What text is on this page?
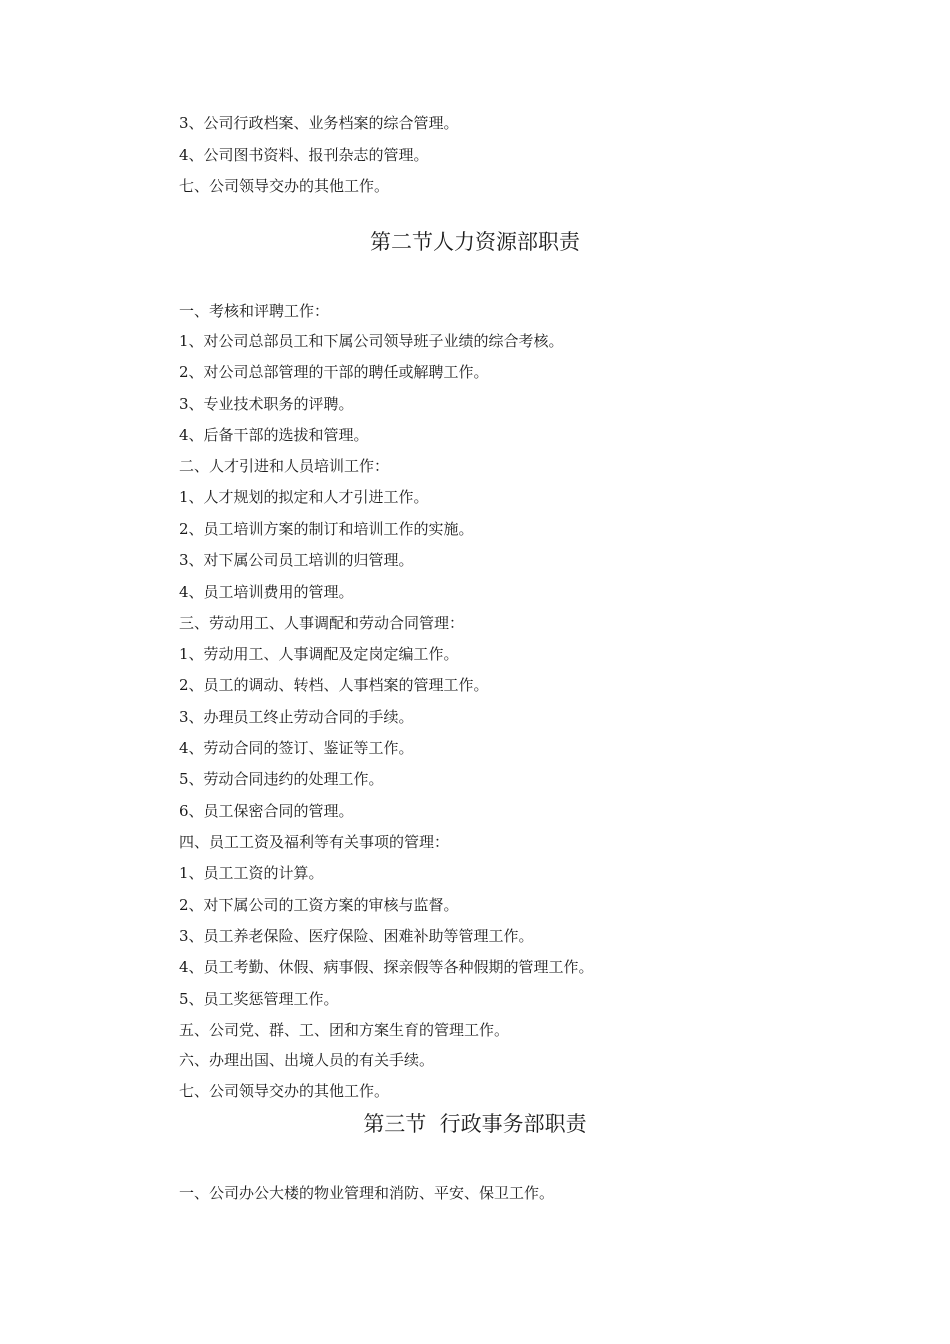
3、公司行政档案、业务档案的综合管理。
4、公司图书资料、报刊杂志的管理。
七、公司领导交办的其他工作。
第二节人力资源部职责
一、考核和评聘工作：
1、对公司总部员工和下属公司领导班子业绩的综合考核。
2、对公司总部管理的干部的聘任或解聘工作。
3、专业技术职务的评聘。
4、后备干部的选拔和管理。
二、人才引进和人员培训工作：
1、人才规划的拟定和人才引进工作。
2、员工培训方案的制订和培训工作的实施。
3、对下属公司员工培训的归管理。
4、员工培训费用的管理。
三、劳动用工、人事调配和劳动合同管理：
1、劳动用工、人事调配及定岗定编工作。
2、员工的调动、转档、人事档案的管理工作。
3、办理员工终止劳动合同的手续。
4、劳动合同的签订、鉴证等工作。
5、劳动合同违约的处理工作。
6、员工保密合同的管理。
四、员工工资及福利等有关事项的管理：
1、员工工资的计算。
2、对下属公司的工资方案的审核与监督。
3、员工养老保险、医疗保险、困难补助等管理工作。
4、员工考勤、休假、病事假、探亲假等各种假期的管理工作。
5、员工奖惩管理工作。
五、公司党、群、工、团和方案生育的管理工作。
六、办理出国、出境人员的有关手续。
七、公司领导交办的其他工作。
第三节  行政事务部职责
一、公司办公大楼的物业管理和消防、平安、保卫工作。
